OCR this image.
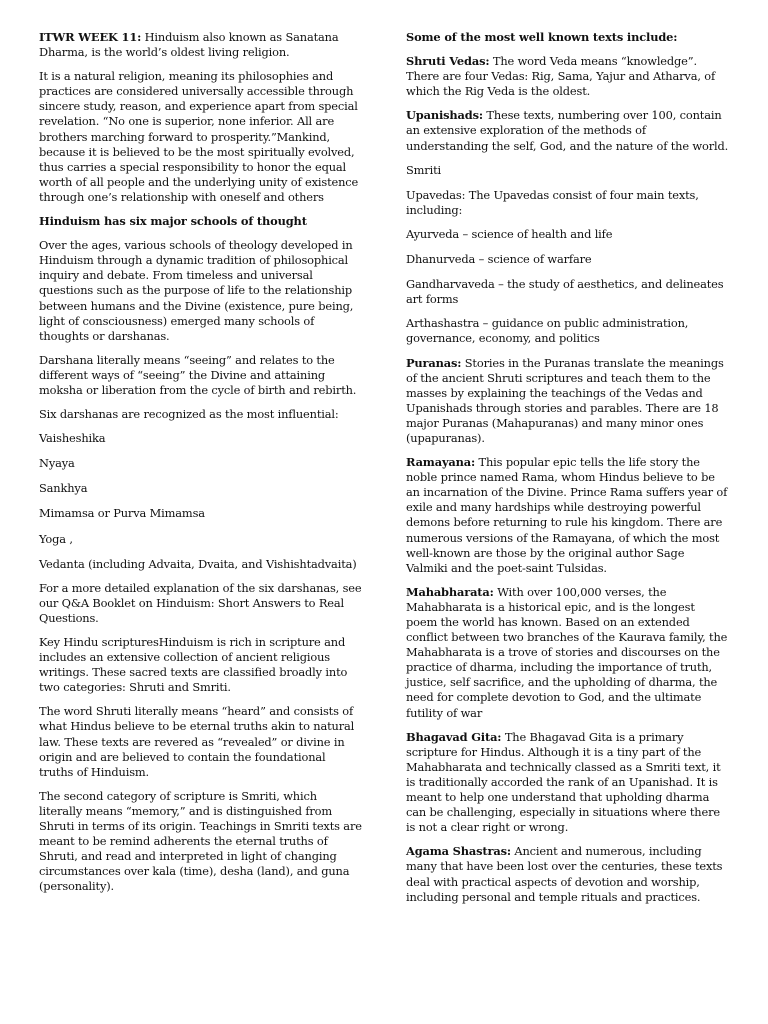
ITWR WEEK 11: Hinduism also known as Sanatana Dharma, is the world’s oldest living religion.

It is a natural religion, meaning its philosophies and practices are considered universally accessible through sincere study, reason, and experience apart from special revelation. “No one is superior, none inferior. All are brothers marching forward to prosperity.”Mankind, because it is believed to be the most spiritually evolved, thus carries a special responsibility to honor the equal worth of all people and the underlying unity of existence through one’s relationship with oneself and others

Hinduism has six major schools of thought

Over the ages, various schools of theology developed in Hinduism through a dynamic tradition of philosophical inquiry and debate. From timeless and universal questions such as the purpose of life to the relationship between humans and the Divine (existence, pure being, light of consciousness) emerged many schools of thoughts or darshanas.

Darshana literally means “seeing” and relates to the different ways of “seeing” the Divine and attaining moksha or liberation from the cycle of birth and rebirth.

Six darshanas are recognized as the most influential:

Vaisheshika

Nyaya

Sankhya

Mimamsa or Purva Mimamsa

Yoga ,

Vedanta (including Advaita, Dvaita, and Vishishtadvaita)

For a more detailed explanation of the six darshanas, see our Q&A Booklet on Hinduism: Short Answers to Real Questions.

Key Hindu scripturesHinduism is rich in scripture and includes an extensive collection of ancient religious writings. These sacred texts are classified broadly into two categories: Shruti and Smriti.

The word Shruti literally means “heard” and consists of what Hindus believe to be eternal truths akin to natural law. These texts are revered as “revealed” or divine in origin and are believed to contain the foundational truths of Hinduism.

The second category of scripture is Smriti, which literally means “memory,” and is distinguished from Shruti in terms of its origin. Teachings in Smriti texts are meant to be remind adherents the eternal truths of Shruti, and read and interpreted in light of changing circumstances over kala (time), desha (land), and guna (personality).

Some of the most well known texts include:

Shruti Vedas: The word Veda means “knowledge”. There are four Vedas: Rig, Sama, Yajur and Atharva, of which the Rig Veda is the oldest.

Upanishads: These texts, numbering over 100, contain an extensive exploration of the methods of understanding the self, God, and the nature of the world.

Smriti

Upavedas: The Upavedas consist of four main texts, including:

Ayurveda – science of health and life

Dhanurveda – science of warfare

Gandharvaveda – the study of aesthetics, and delineates art forms

Arthashastra – guidance on public administration, governance, economy, and politics

Puranas: Stories in the Puranas translate the meanings of the ancient Shruti scriptures and teach them to the masses by explaining the teachings of the Vedas and Upanishads through stories and parables. There are 18 major Puranas (Mahapuranas) and many minor ones (upapuranas).

Ramayana: This popular epic tells the life story the noble prince named Rama, whom Hindus believe to be an incarnation of the Divine. Prince Rama suffers year of exile and many hardships while destroying powerful demons before returning to rule his kingdom. There are numerous versions of the Ramayana, of which the most well-known are those by the original author Sage Valmiki and the poet-saint Tulsidas.

Mahabharata: With over 100,000 verses, the Mahabharata is a historical epic, and is the longest poem the world has known. Based on an extended conflict between two branches of the Kaurava family, the Mahabharata is a trove of stories and discourses on the practice of dharma, including the importance of truth, justice, self sacrifice, and the upholding of dharma, the need for complete devotion to God, and the ultimate futility of war

Bhagavad Gita: The Bhagavad Gita is a primary scripture for Hindus. Although it is a tiny part of the Mahabharata and technically classed as a Smriti text, it is traditionally accorded the rank of an Upanishad. It is meant to help one understand that upholding dharma can be challenging, especially in situations where there is not a clear right or wrong.

Agama Shastras: Ancient and numerous, including many that have been lost over the centuries, these texts deal with practical aspects of devotion and worship, including personal and temple rituals and practices.
